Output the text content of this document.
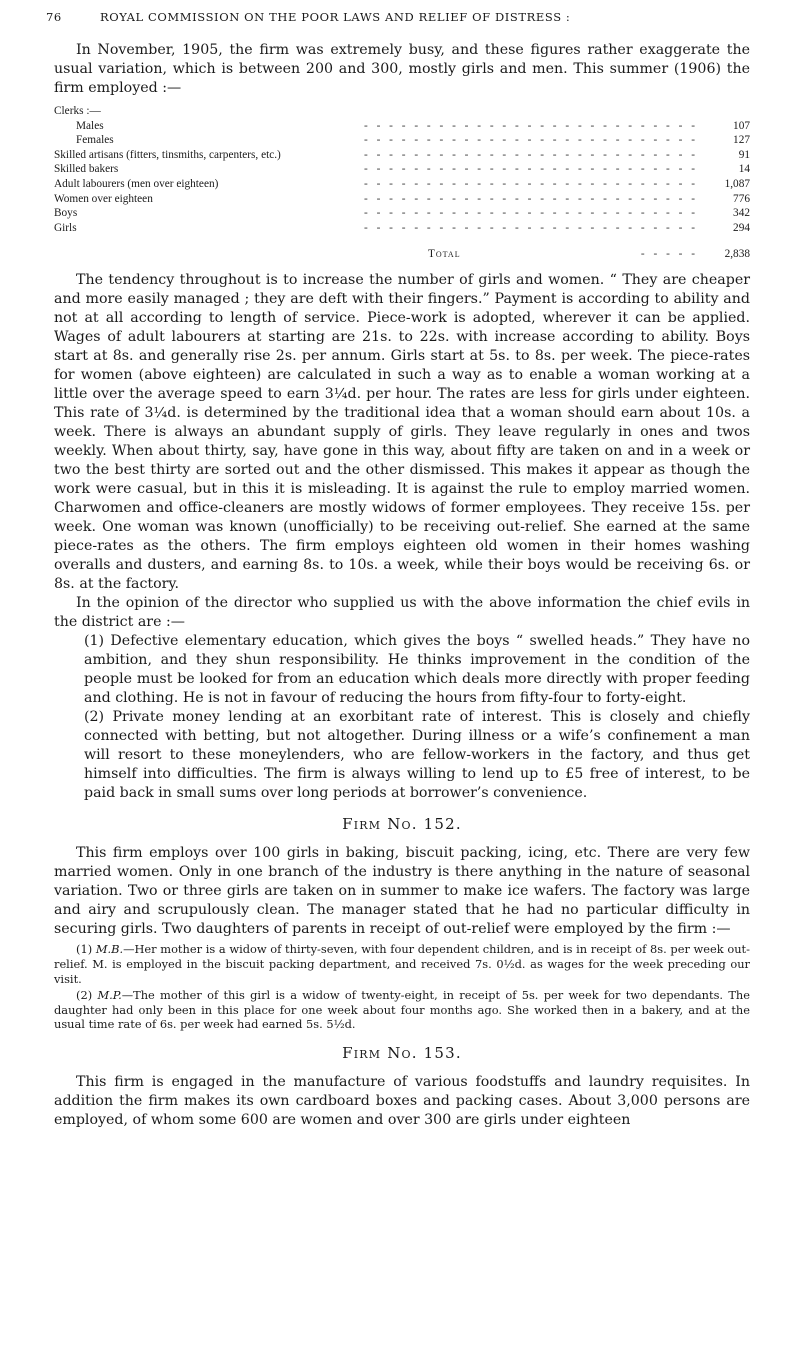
76	ROYAL COMMISSION ON THE POOR LAWS AND RELIEF OF DISTRESS :

In November, 1905, the firm was extremely busy, and these figures rather exaggerate the usual variation, which is between 200 and 300, mostly girls and men. This summer (1906) the firm employed :—

Clerks :—
- - - - - - - - - - - - - - - - - - - - - - - - - - -
Males	107
- - - - - - - - - - - - - - - - - - - - - - - - - - -
Females	127
- - - - - - - - - - - - - - - - - - - - - - - - - - -
Skilled artisans (fitters, tinsmiths, carpenters, etc.)	91
- - - - - - - - - - - - - - - - - - - - - - - - - - -
Skilled bakers	14
- - - - - - - - - - - - - - - - - - - - - - - - - - -
Adult labourers (men over eighteen)	1,087
- - - - - - - - - - - - - - - - - - - - - - - - - - -
Women over eighteen	776
- - - - - - - - - - - - - - - - - - - - - - - - - - -
Boys	342
- - - - - - - - - - - - - - - - - - - - - - - - - - -
Girls	294
Total	- - - - -	2,838

The tendency throughout is to increase the number of girls and women. “ They are cheaper and more easily managed ; they are deft with their fingers.” Payment is according to ability and not at all according to length of service. Piece-work is adopted, wherever it can be applied. Wages of adult labourers at starting are 21s. to 22s. with increase according to ability. Boys start at 8s. and generally rise 2s. per annum. Girls start at 5s. to 8s. per week. The piece-rates for women (above eighteen) are calculated in such a way as to enable a woman working at a little over the average speed to earn 3¼d. per hour. The rates are less for girls under eighteen. This rate of 3¼d. is determined by the traditional idea that a woman should earn about 10s. a week. There is always an abundant supply of girls. They leave regularly in ones and twos weekly. When about thirty, say, have gone in this way, about fifty are taken on and in a week or two the best thirty are sorted out and the other dismissed. This makes it appear as though the work were casual, but in this it is misleading. It is against the rule to employ married women. Charwomen and office-cleaners are mostly widows of former employees. They receive 15s. per week. One woman was known (unofficially) to be receiving out-relief. She earned at the same piece-rates as the others. The firm employs eighteen old women in their homes washing overalls and dusters, and earning 8s. to 10s. a week, while their boys would be receiving 6s. or 8s. at the factory.

In the opinion of the director who supplied us with the above information the chief evils in the district are :—

(1) Defective elementary education, which gives the boys “ swelled heads.” They have no ambition, and they shun responsibility. He thinks improvement in the condition of the people must be looked for from an education which deals more directly with proper feeding and clothing. He is not in favour of reducing the hours from fifty-four to forty-eight.

(2) Private money lending at an exorbitant rate of interest. This is closely and chiefly connected with betting, but not altogether. During illness or a wife’s confinement a man will resort to these moneylenders, who are fellow-workers in the factory, and thus get himself into difficulties. The firm is always willing to lend up to £5 free of interest, to be paid back in small sums over long periods at borrower’s convenience.

Firm No. 152.

This firm employs over 100 girls in baking, biscuit packing, icing, etc. There are very few married women. Only in one branch of the industry is there anything in the nature of seasonal variation. Two or three girls are taken on in summer to make ice wafers. The factory was large and airy and scrupulously clean. The manager stated that he had no particular difficulty in securing girls. Two daughters of parents in receipt of out-relief were employed by the firm :—

(1) M.B.—Her mother is a widow of thirty-seven, with four dependent children, and is in receipt of 8s. per week out-relief. M. is employed in the biscuit packing department, and received 7s. 0½d. as wages for the week preceding our visit.

(2) M.P.—The mother of this girl is a widow of twenty-eight, in receipt of 5s. per week for two dependants. The daughter had only been in this place for one week about four months ago. She worked then in a bakery, and at the usual time rate of 6s. per week had earned 5s. 5½d.

Firm No. 153.

This firm is engaged in the manufacture of various foodstuffs and laundry requisites. In addition the firm makes its own cardboard boxes and packing cases. About 3,000 persons are employed, of whom some 600 are women and over 300 are girls under eighteen
